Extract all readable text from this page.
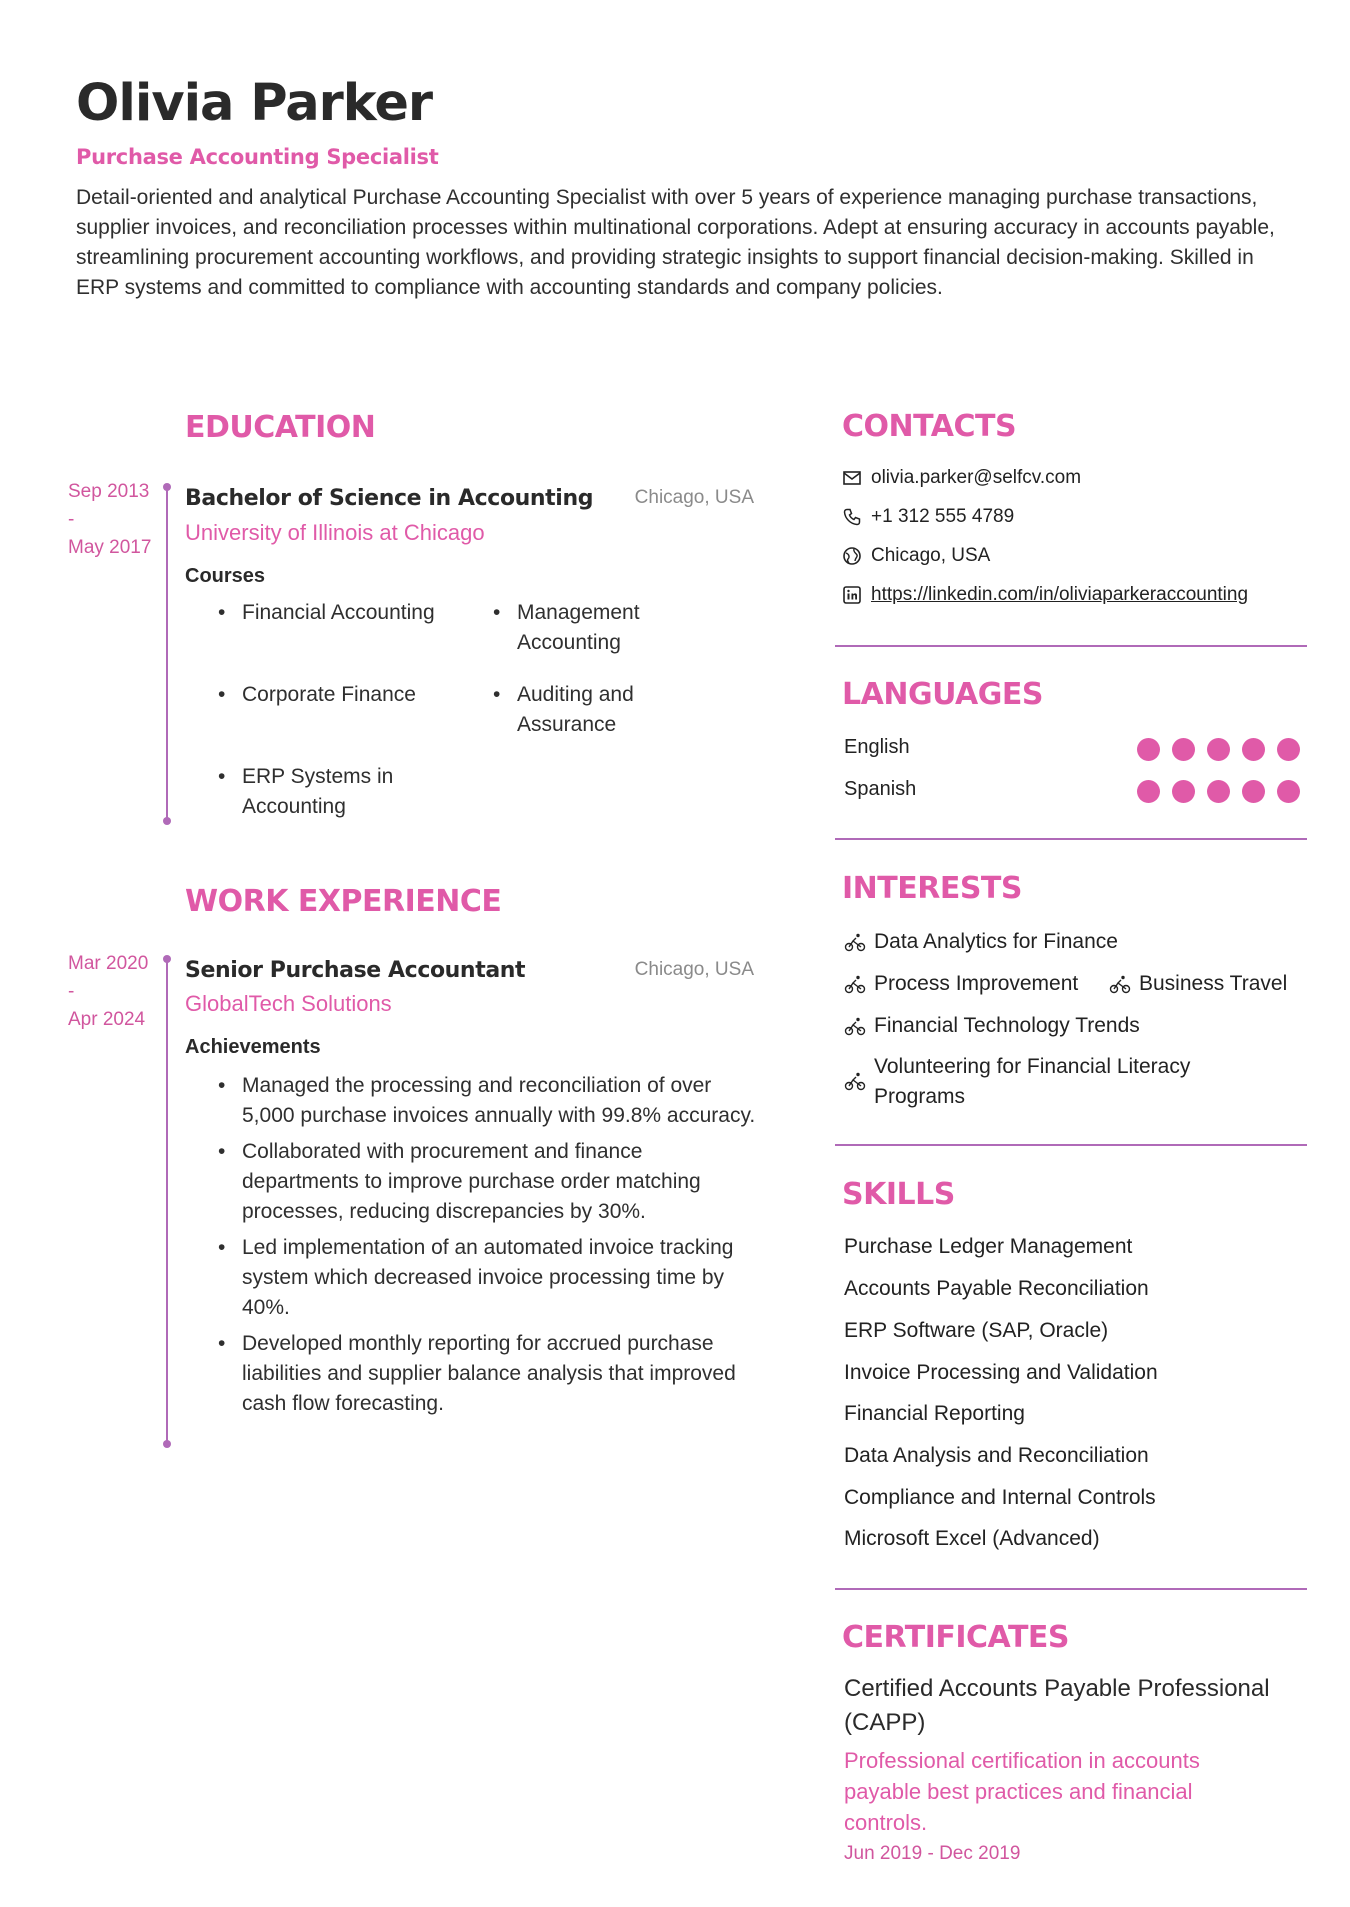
Olivia Parker
Purchase Accounting Specialist
Detail-oriented and analytical Purchase Accounting Specialist with over 5 years of experience managing purchase transactions, supplier invoices, and reconciliation processes within multinational corporations. Adept at ensuring accuracy in accounts payable, streamlining procurement accounting workflows, and providing strategic insights to support financial decision-making. Skilled in ERP systems and committed to compliance with accounting standards and company policies.
EDUCATION
Sep 2013
-
May 2017
Bachelor of Science in Accounting Chicago, USA
University of Illinois at Chicago
Courses
• Financial Accounting	• Management Accounting
• Corporate Finance	• Auditing and Assurance
• ERP Systems in Accounting
WORK EXPERIENCE
Mar 2020
-
Apr 2024
Senior Purchase Accountant	Chicago, USA
GlobalTech Solutions
Achievements
• Managed the processing and reconciliation of over 5,000 purchase invoices annually with 99.8% accuracy.
• Collaborated with procurement and finance departments to improve purchase order matching processes, reducing discrepancies by 30%.
• Led implementation of an automated invoice tracking system which decreased invoice processing time by 40%.
• Developed monthly reporting for accrued purchase liabilities and supplier balance analysis that improved cash flow forecasting.
CONTACTS
olivia.parker@selfcv.com
+1 312 555 4789
Chicago, USA
https://linkedin.com/in/oliviaparkeraccounting
LANGUAGES
English
Spanish
INTERESTS
Data Analytics for Finance
Process Improvement	Business Travel
Financial Technology Trends
Volunteering for Financial Literacy Programs
SKILLS
Purchase Ledger Management
Accounts Payable Reconciliation
ERP Software (SAP, Oracle)
Invoice Processing and Validation
Financial Reporting
Data Analysis and Reconciliation
Compliance and Internal Controls
Microsoft Excel (Advanced)
CERTIFICATES
Certified Accounts Payable Professional (CAPP)
Professional certification in accounts payable best practices and financial controls.
Jun 2019 - Dec 2019
